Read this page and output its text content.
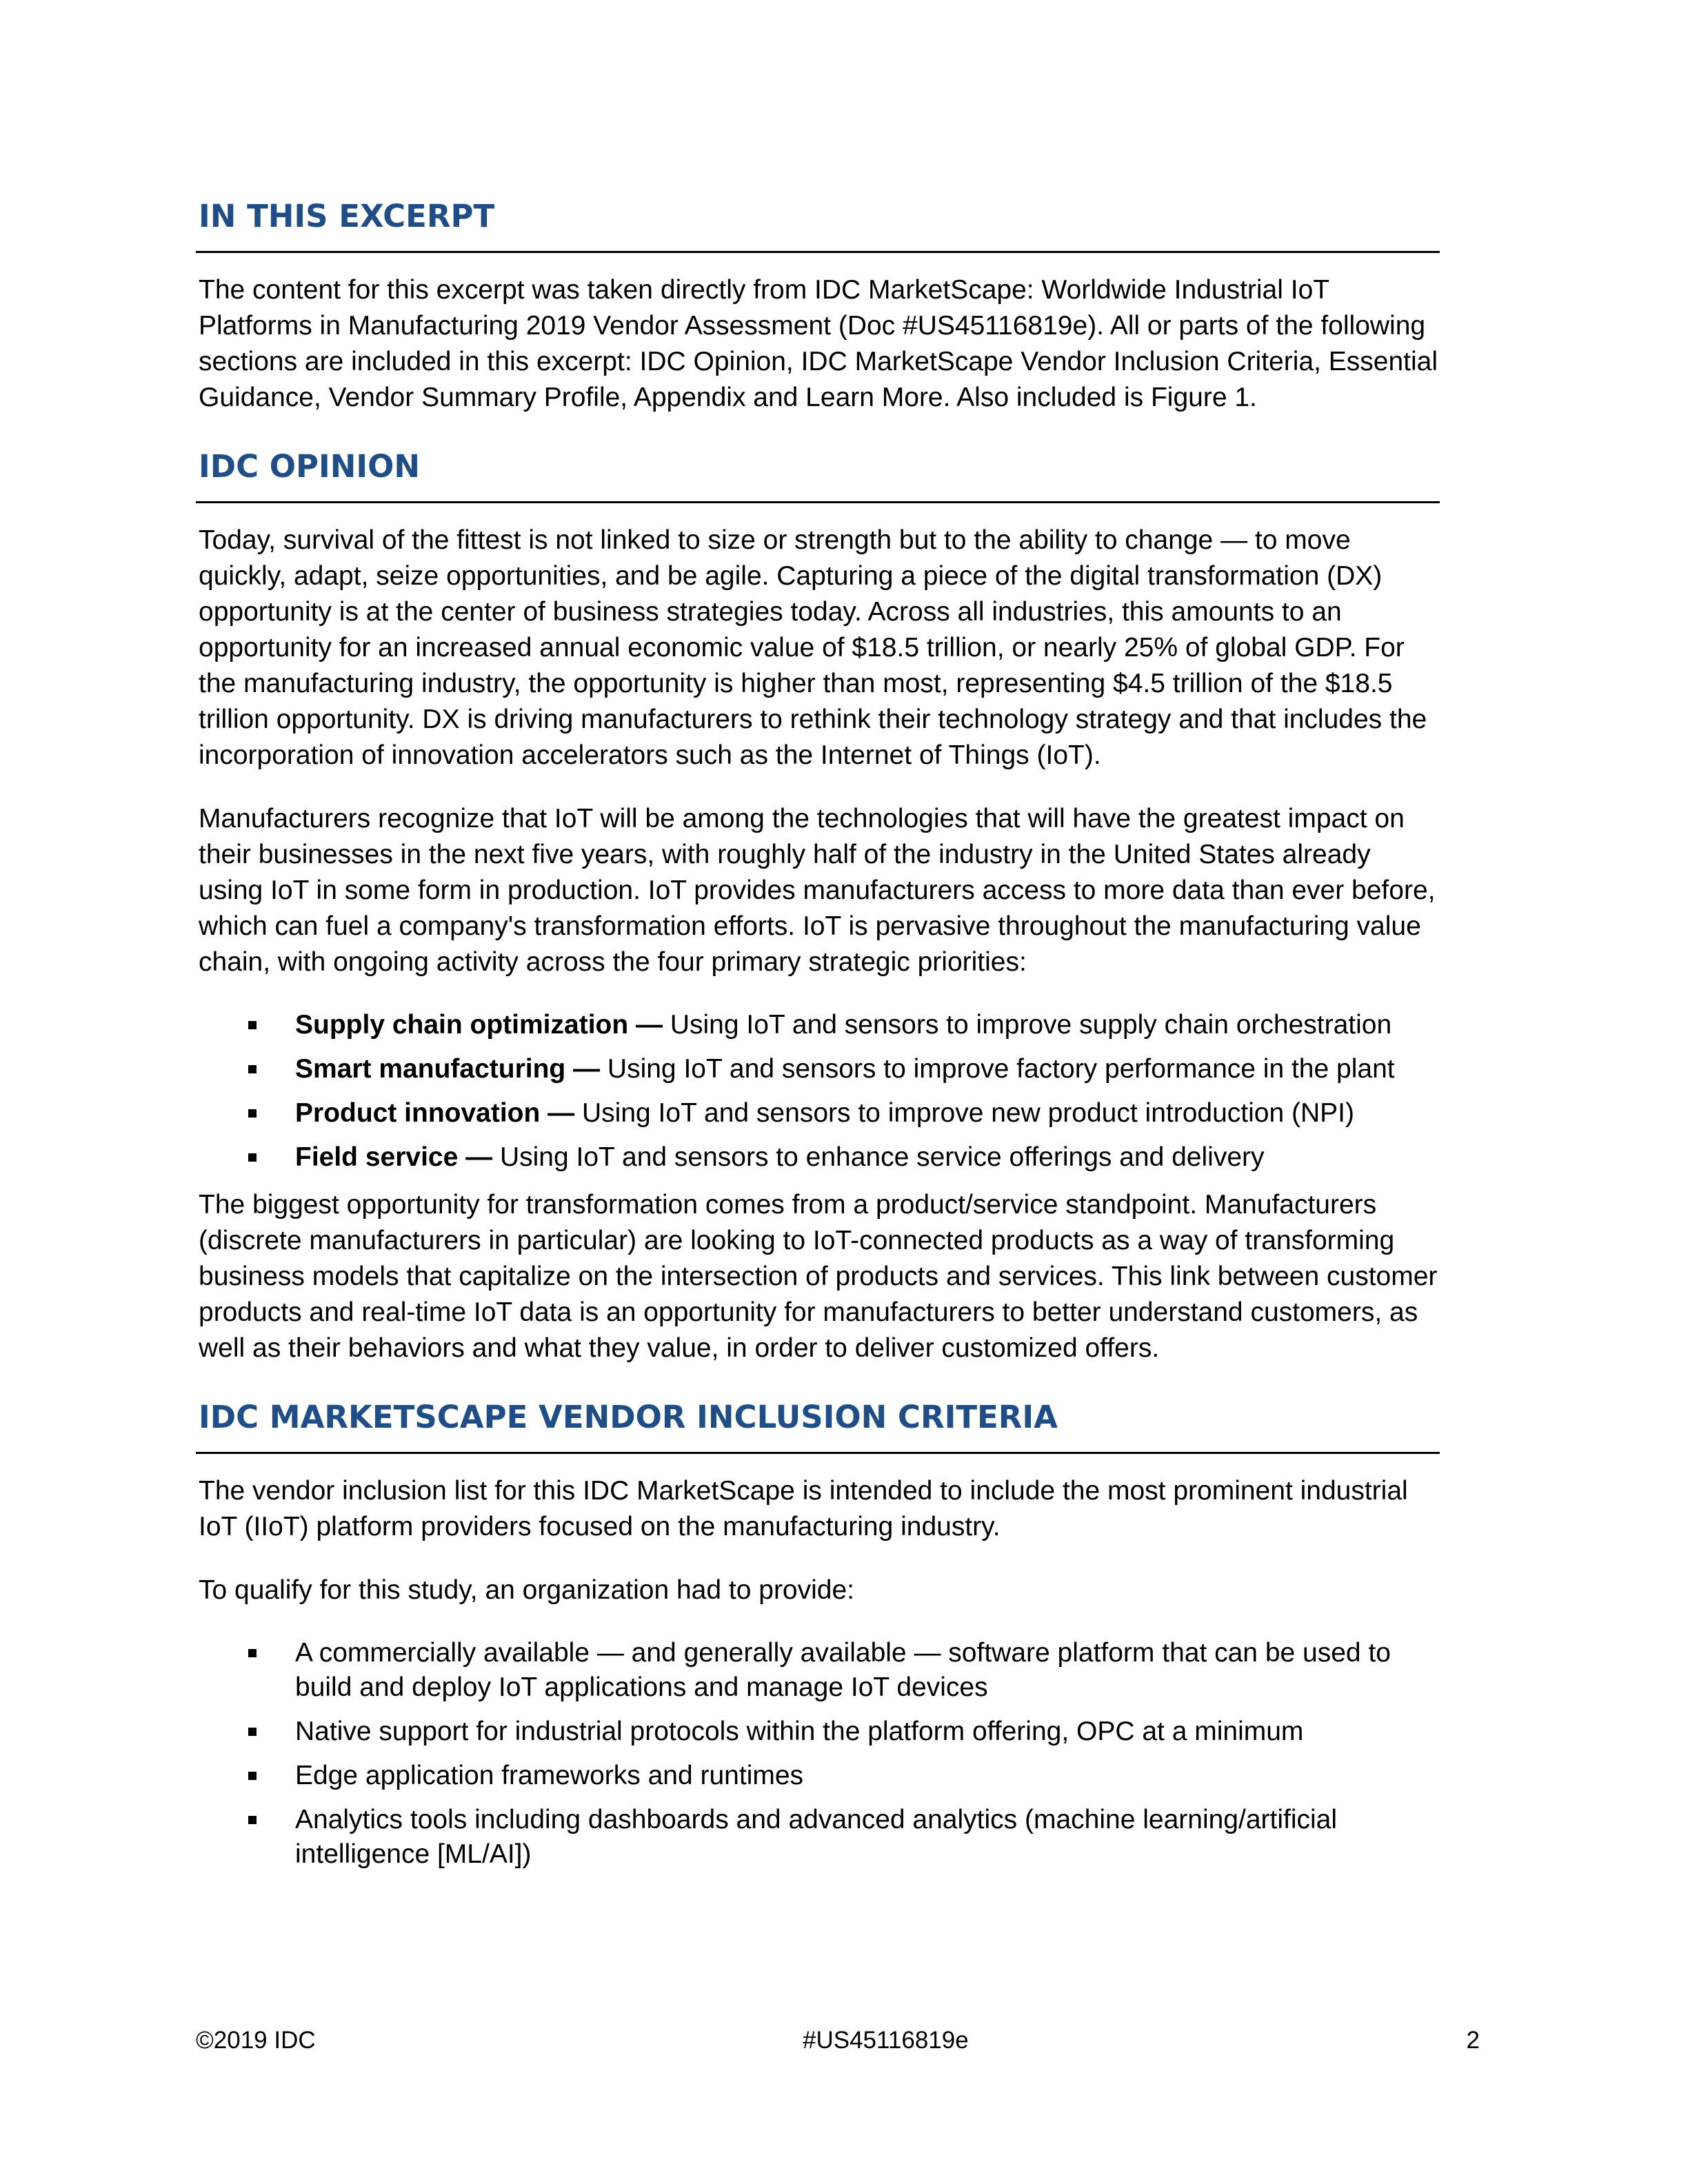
IN THIS EXCERPT

The content for this excerpt was taken directly from IDC MarketScape: Worldwide Industrial IoT Platforms in Manufacturing 2019 Vendor Assessment (Doc #US45116819e). All or parts of the following sections are included in this excerpt: IDC Opinion, IDC MarketScape Vendor Inclusion Criteria, Essential Guidance, Vendor Summary Profile, Appendix and Learn More. Also included is Figure 1.

IDC OPINION

Today, survival of the fittest is not linked to size or strength but to the ability to change — to move quickly, adapt, seize opportunities, and be agile. Capturing a piece of the digital transformation (DX) opportunity is at the center of business strategies today. Across all industries, this amounts to an opportunity for an increased annual economic value of $18.5 trillion, or nearly 25% of global GDP. For the manufacturing industry, the opportunity is higher than most, representing $4.5 trillion of the $18.5 trillion opportunity. DX is driving manufacturers to rethink their technology strategy and that includes the incorporation of innovation accelerators such as the Internet of Things (IoT).

Manufacturers recognize that IoT will be among the technologies that will have the greatest impact on their businesses in the next five years, with roughly half of the industry in the United States already using IoT in some form in production. IoT provides manufacturers access to more data than ever before, which can fuel a company's transformation efforts. IoT is pervasive throughout the manufacturing value chain, with ongoing activity across the four primary strategic priorities:

Supply chain optimization — Using IoT and sensors to improve supply chain orchestration
Smart manufacturing — Using IoT and sensors to improve factory performance in the plant
Product innovation — Using IoT and sensors to improve new product introduction (NPI)
Field service — Using IoT and sensors to enhance service offerings and delivery

The biggest opportunity for transformation comes from a product/service standpoint. Manufacturers (discrete manufacturers in particular) are looking to IoT-connected products as a way of transforming business models that capitalize on the intersection of products and services. This link between customer products and real-time IoT data is an opportunity for manufacturers to better understand customers, as well as their behaviors and what they value, in order to deliver customized offers.

IDC MARKETSCAPE VENDOR INCLUSION CRITERIA

The vendor inclusion list for this IDC MarketScape is intended to include the most prominent industrial IoT (IIoT) platform providers focused on the manufacturing industry.

To qualify for this study, an organization had to provide:

A commercially available — and generally available — software platform that can be used to build and deploy IoT applications and manage IoT devices
Native support for industrial protocols within the platform offering, OPC at a minimum
Edge application frameworks and runtimes
Analytics tools including dashboards and advanced analytics (machine learning/artificial intelligence [ML/AI])
©2019 IDC	#US45116819e	2
